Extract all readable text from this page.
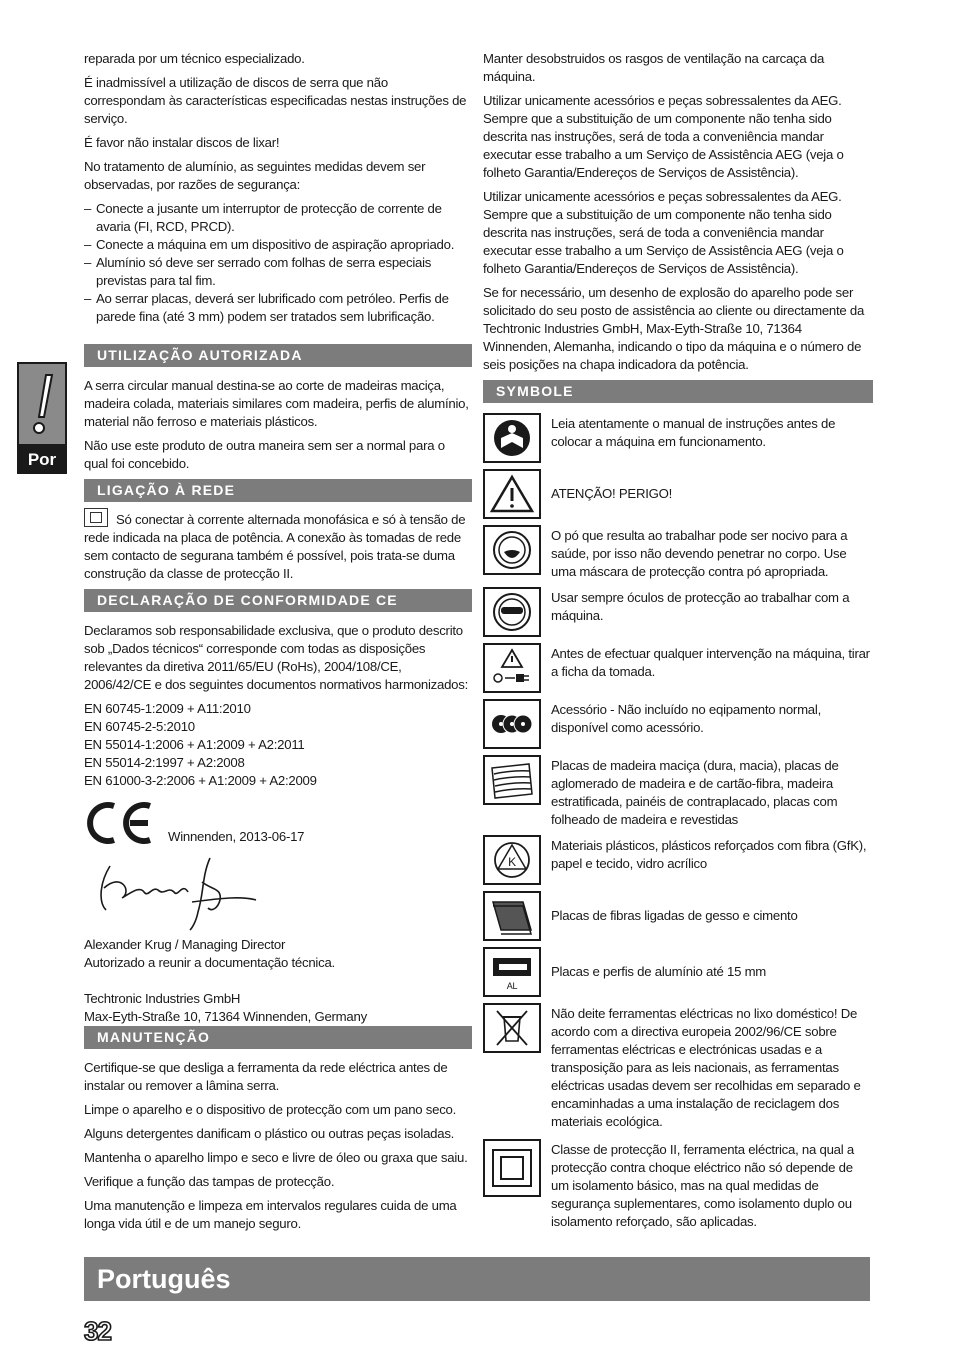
Por

reparada por um técnico especializado.

É inadmissível a utilização de discos de serra que não correspondam às características especificadas nestas instruções de serviço.

É favor não instalar discos de lixar!

No tratamento de alumínio, as seguintes medidas devem ser observadas, por razões de segurança:

– Conecte a jusante um interruptor de protecção de corrente de avaria (FI, RCD, PRCD).
– Conecte a máquina em um dispositivo de aspiração apropriado.
– Alumínio só deve ser serrado com folhas de serra especiais previstas para tal fim.
– Ao serrar placas, deverá ser lubrificado com petróleo. Perfis de parede fina (até 3 mm) podem ser tratados sem lubrificação.
UTILIZAÇÃO AUTORIZADA

A serra circular manual destina-se ao corte de madeiras maciça, madeira colada, materiais similares com madeira, perfis de alumínio, material não ferroso e materiais plásticos.

Não use este produto de outra maneira sem ser a normal para o qual foi concebido.

LIGAÇÃO À REDE

Só conectar à corrente alternada monofásica e só à tensão de rede indicada na placa de potência. A conexão às tomadas de rede sem contacto de segurana também é possível, pois trata-se duma construção da classe de protecção II.

DECLARAÇÃO DE CONFORMIDADE CE

Declaramos sob responsabilidade exclusiva, que o produto descrito sob „Dados técnicos“ corresponde com todas as disposições relevantes da diretiva 2011/65/EU (RoHs), 2004/108/CE, 2006/42/CE e dos seguintes documentos normativos harmonizados:

EN 60745-1:2009 + A11:2010

EN 60745-2-5:2010

EN 55014-1:2006 + A1:2009 + A2:2011

EN 55014-2:1997 + A2:2008

EN 61000-3-2:2006 + A1:2009 + A2:2009

Winnenden, 2013-06-17

Alexander Krug / Managing Director

Autorizado a reunir a documentação técnica.

Techtronic Industries GmbH

Max-Eyth-Straße 10, 71364 Winnenden, Germany

MANUTENÇÃO

Certifique-se que desliga a ferramenta da rede eléctrica antes de instalar ou remover a lâmina serra.

Limpe o aparelho e o dispositivo de protecção com um pano seco.

Alguns detergentes danificam o plástico ou outras peças isoladas.

Mantenha o aparelho limpo e seco e livre de óleo ou graxa que saiu.

Verifique a função das tampas de protecção.

Uma manutenção e limpeza em intervalos regulares cuida de uma longa vida útil e de um manejo seguro.

Manter desobstruidos os rasgos de ventilação na carcaça da máquina.

Utilizar unicamente acessórios e peças sobressalentes da AEG. Sempre que a substituição de um componente não tenha sido descrita nas instruções, será de toda a conveniência mandar executar esse trabalho a um Serviço de Assistência AEG (veja o folheto Garantia/Endereços de Serviços de Assistência).

Utilizar unicamente acessórios e peças sobressalentes da AEG. Sempre que a substituição de um componente não tenha sido descrita nas instruções, será de toda a conveniência mandar executar esse trabalho a um Serviço de Assistência AEG (veja o folheto Garantia/Endereços de Serviços de Assistência).

Se for necessário, um desenho de explosão do aparelho pode ser solicitado do seu posto de assistência ao cliente ou directamente da Techtronic Industries GmbH, Max-Eyth-Straße 10, 71364 Winnenden, Alemanha, indicando o tipo da máquina e o número de seis posições na chapa indicadora da potência.

SYMBOLE
Leia atentamente o manual de instruções antes de colocar a máquina em funcionamento.
ATENÇÃO! PERIGO!
O pó que resulta ao trabalhar pode ser nocivo para a saúde, por isso não devendo penetrar no corpo. Use uma máscara de protecção contra pó apropriada.
Usar sempre óculos de protecção ao trabalhar com a máquina.
Antes de efectuar qualquer intervenção na máquina, tirar a ficha da tomada.
Acessório - Não incluído no eqipamento normal, disponível como acessório.
Placas de madeira maciça (dura, macia), placas de aglomerado de madeira e de cartão-fibra, madeira estratificada, painéis de contraplacado, placas com folheado de madeira e revestidas
K
Materiais plásticos, plásticos reforçados com fibra (GfK), papel e tecido, vidro acrílico
Placas de fibras ligadas de gesso e cimento
AL
Placas e perfis de alumínio até 15 mm
Não deite ferramentas eléctricas no lixo doméstico! De acordo com a directiva europeia 2002/96/CE sobre ferramentas eléctricas e electrónicas usadas e a transposição para as leis nacionais, as ferramentas eléctricas usadas devem ser recolhidas em separado e encaminhadas a uma instalação de reciclagem dos materiais ecológica.
Classe de protecção II, ferramenta eléctrica, na qual a protecção contra choque eléctrico não só depende de um isolamento básico, mas na qual medidas de segurança suplementares, como isolamento duplo ou isolamento reforçado, são aplicadas.
Português
32
